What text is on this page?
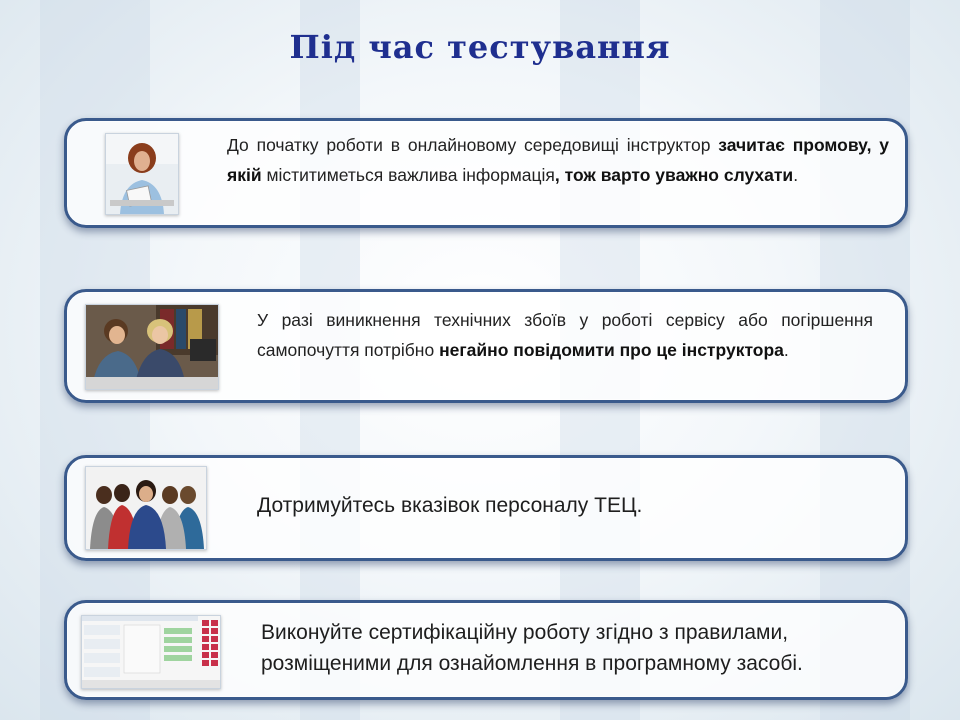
Під час тестування
До початку роботи в онлайновому середовищі інструктор зачитає промову, у якій міститиметься важлива інформація, тож варто уважно слухати.
У разі виникнення технічних збоїв у роботі сервісу або погіршення самопочуття потрібно негайно повідомити про це інструктора.
Дотримуйтесь вказівок персоналу ТЕЦ.
Виконуйте сертифікаційну роботу згідно з правилами, розміщеними для ознайомлення в програмному засобі.
